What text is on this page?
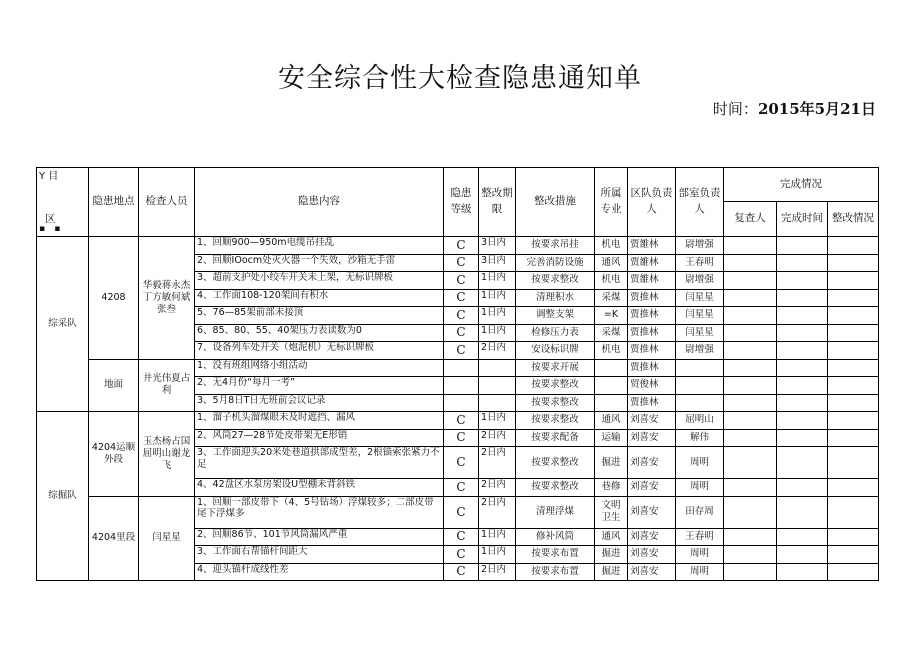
安全综合性大检查隐患通知单
时间：2015年5月21日
Y 目
区
▪ ▪	隐患地点	检查人员	隐患内容	隐患等级	整改期限	整改措施	所属专业	区队负责人	部室负责人	完成情况		
										复查人	完成时间	整改情况
综采队	4208	华毅蒋永杰丁方敏何斌张叁	1、回顺900—950m电缆吊挂乱	C	3日内	按要求吊挂	机电	贾雒林	尉增强			
			2、回顺IOocm处灭火器一个失效，沙箱无手雷	C	3日内	完善消防设施	通风	贾雒林	王春明			
			3、超前支护处小绞车开关未上架，无标识牌板	C	1日内	按要求整改	机电	贾雒林	尉增强			
			4、工作面108-120架间有积水	C	1日内	清理积水	采煤	贾推林	闫星星			
			5、76—85架前部未接顶	C	1日内	调整支架	=K	贾推林	闫星星			
			6、85、80、55、40架压力表读数为0	C	1日内	检修压力表	采煤	贾推林	闫星星			
			7、设备列车处开关（炮泥机）无标识牌板	C	2日内	安设标识牌	机电	贾推林	尉增强			
	地面	井光伟夏占利	1、没有班组网络小组活动			按要求开展		贾推林				
			2、无4月份“每月一考”			按要求整改		贸俊林				
			3、5月8日T日无班前会议记录			按要求整改		贾推林				
综掘队	4204运顺外段	玉杰杨占国屈明山谢龙飞	1、溜子机头溜煤眼未及时遮挡、漏风	C	1日内	按要求整改	通风	刘喜安	屈明山			
			2、风筒27—28节处皮带架无E形销	C	2日内	按要求配备	运输	刘喜安	解伟			
			3、工作面迎头20米处巷道拱部成型差，2根锚索张紧力不足	C	2日内	按要求整改	掘进	刘喜安	周明			
			4、42盘区水泵房架设U型棚未背斜铁	C	2日内	按要求整改	巷修	刘喜安	周明			
	4204里段	闫星星	1、回顺一部皮带下（4、5号钻场）浮煤较多；二部皮带尾下浮煤多	C	2日内	清理浮煤	文明卫生	刘喜安	田存周			
			2、回顺86节、101节风筒漏风严重	C	1日内	修补风筒	通风	刘喜安	王春明			
			3、工作面右帮锚杆间距大	C	1日内	按要求布置	掘进	刘喜安	周明			
			4、迎头锚杆成线性差	C	2日内	按要求布置	掘进	刘喜安	周明			
